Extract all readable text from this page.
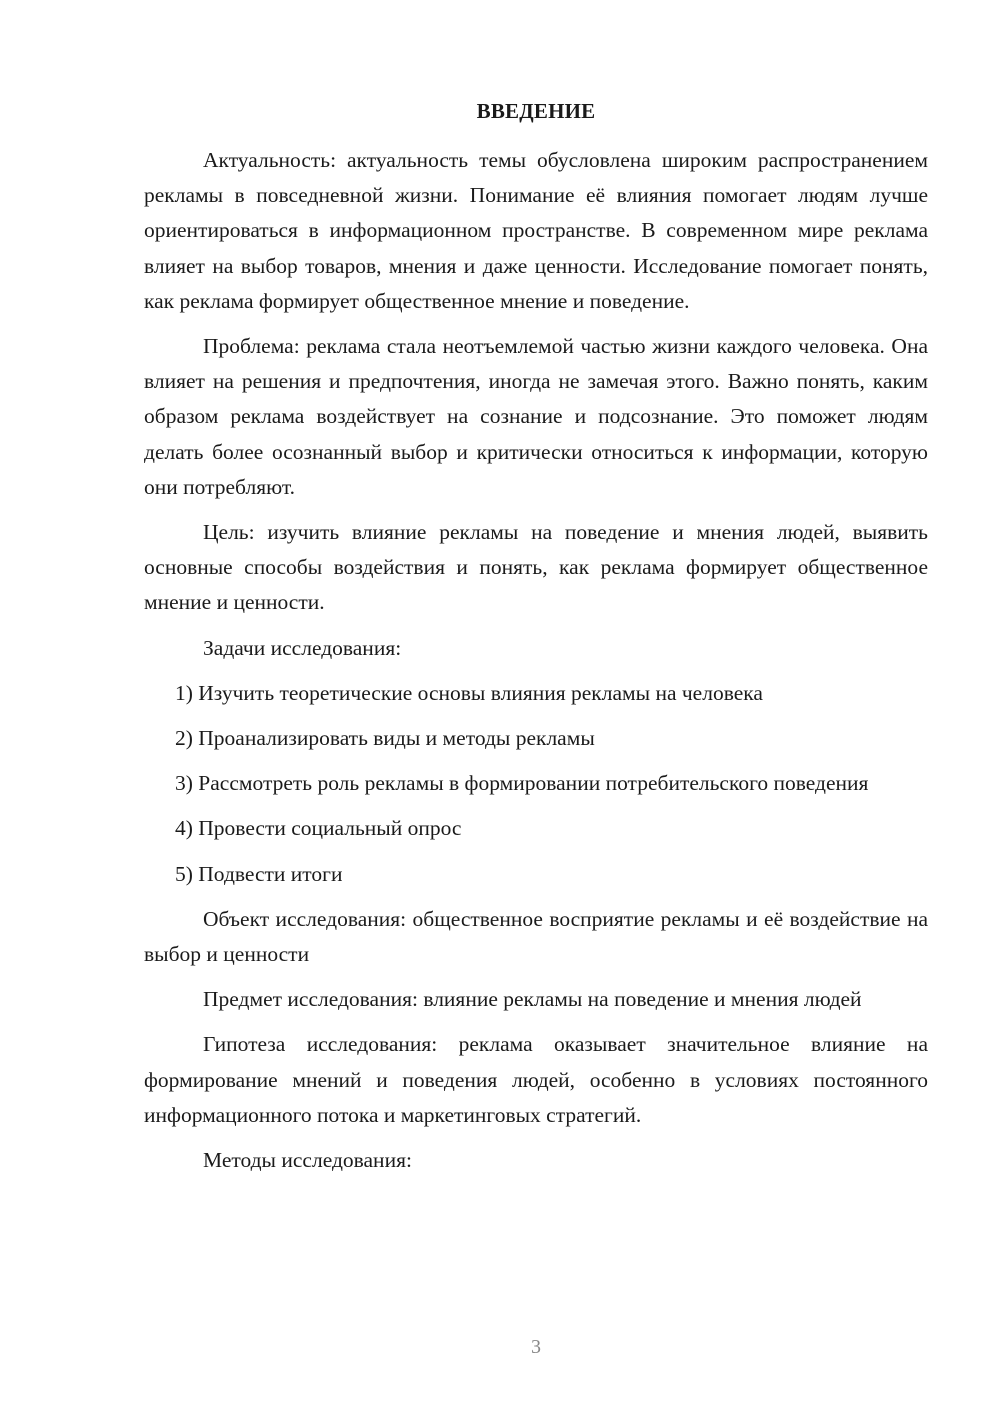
ВВЕДЕНИЕ

Актуальность: актуальность темы обусловлена широким распространением рекламы в повседневной жизни. Понимание её влияния помогает людям лучше ориентироваться в информационном пространстве. В современном мире реклама влияет на выбор товаров, мнения и даже ценности. Исследование помогает понять, как реклама формирует общественное мнение и поведение.

Проблема: реклама стала неотъемлемой частью жизни каждого человека. Она влияет на решения и предпочтения, иногда не замечая этого. Важно понять, каким образом реклама воздействует на сознание и подсознание. Это поможет людям делать более осознанный выбор и критически относиться к информации, которую они потребляют.

Цель: изучить влияние рекламы на поведение и мнения людей, выявить основные способы воздействия и понять, как реклама формирует общественное мнение и ценности.

Задачи исследования:

1) Изучить теоретические основы влияния рекламы на человека

2) Проанализировать виды и методы рекламы

3) Рассмотреть роль рекламы в формировании потребительского поведения

4) Провести социальный опрос

5) Подвести итоги

Объект исследования: общественное восприятие рекламы и её воздействие на выбор и ценности

Предмет исследования: влияние рекламы на поведение и мнения людей

Гипотеза исследования: реклама оказывает значительное влияние на формирование мнений и поведения людей, особенно в условиях постоянного информационного потока и маркетинговых стратегий.

Методы исследования:

3
